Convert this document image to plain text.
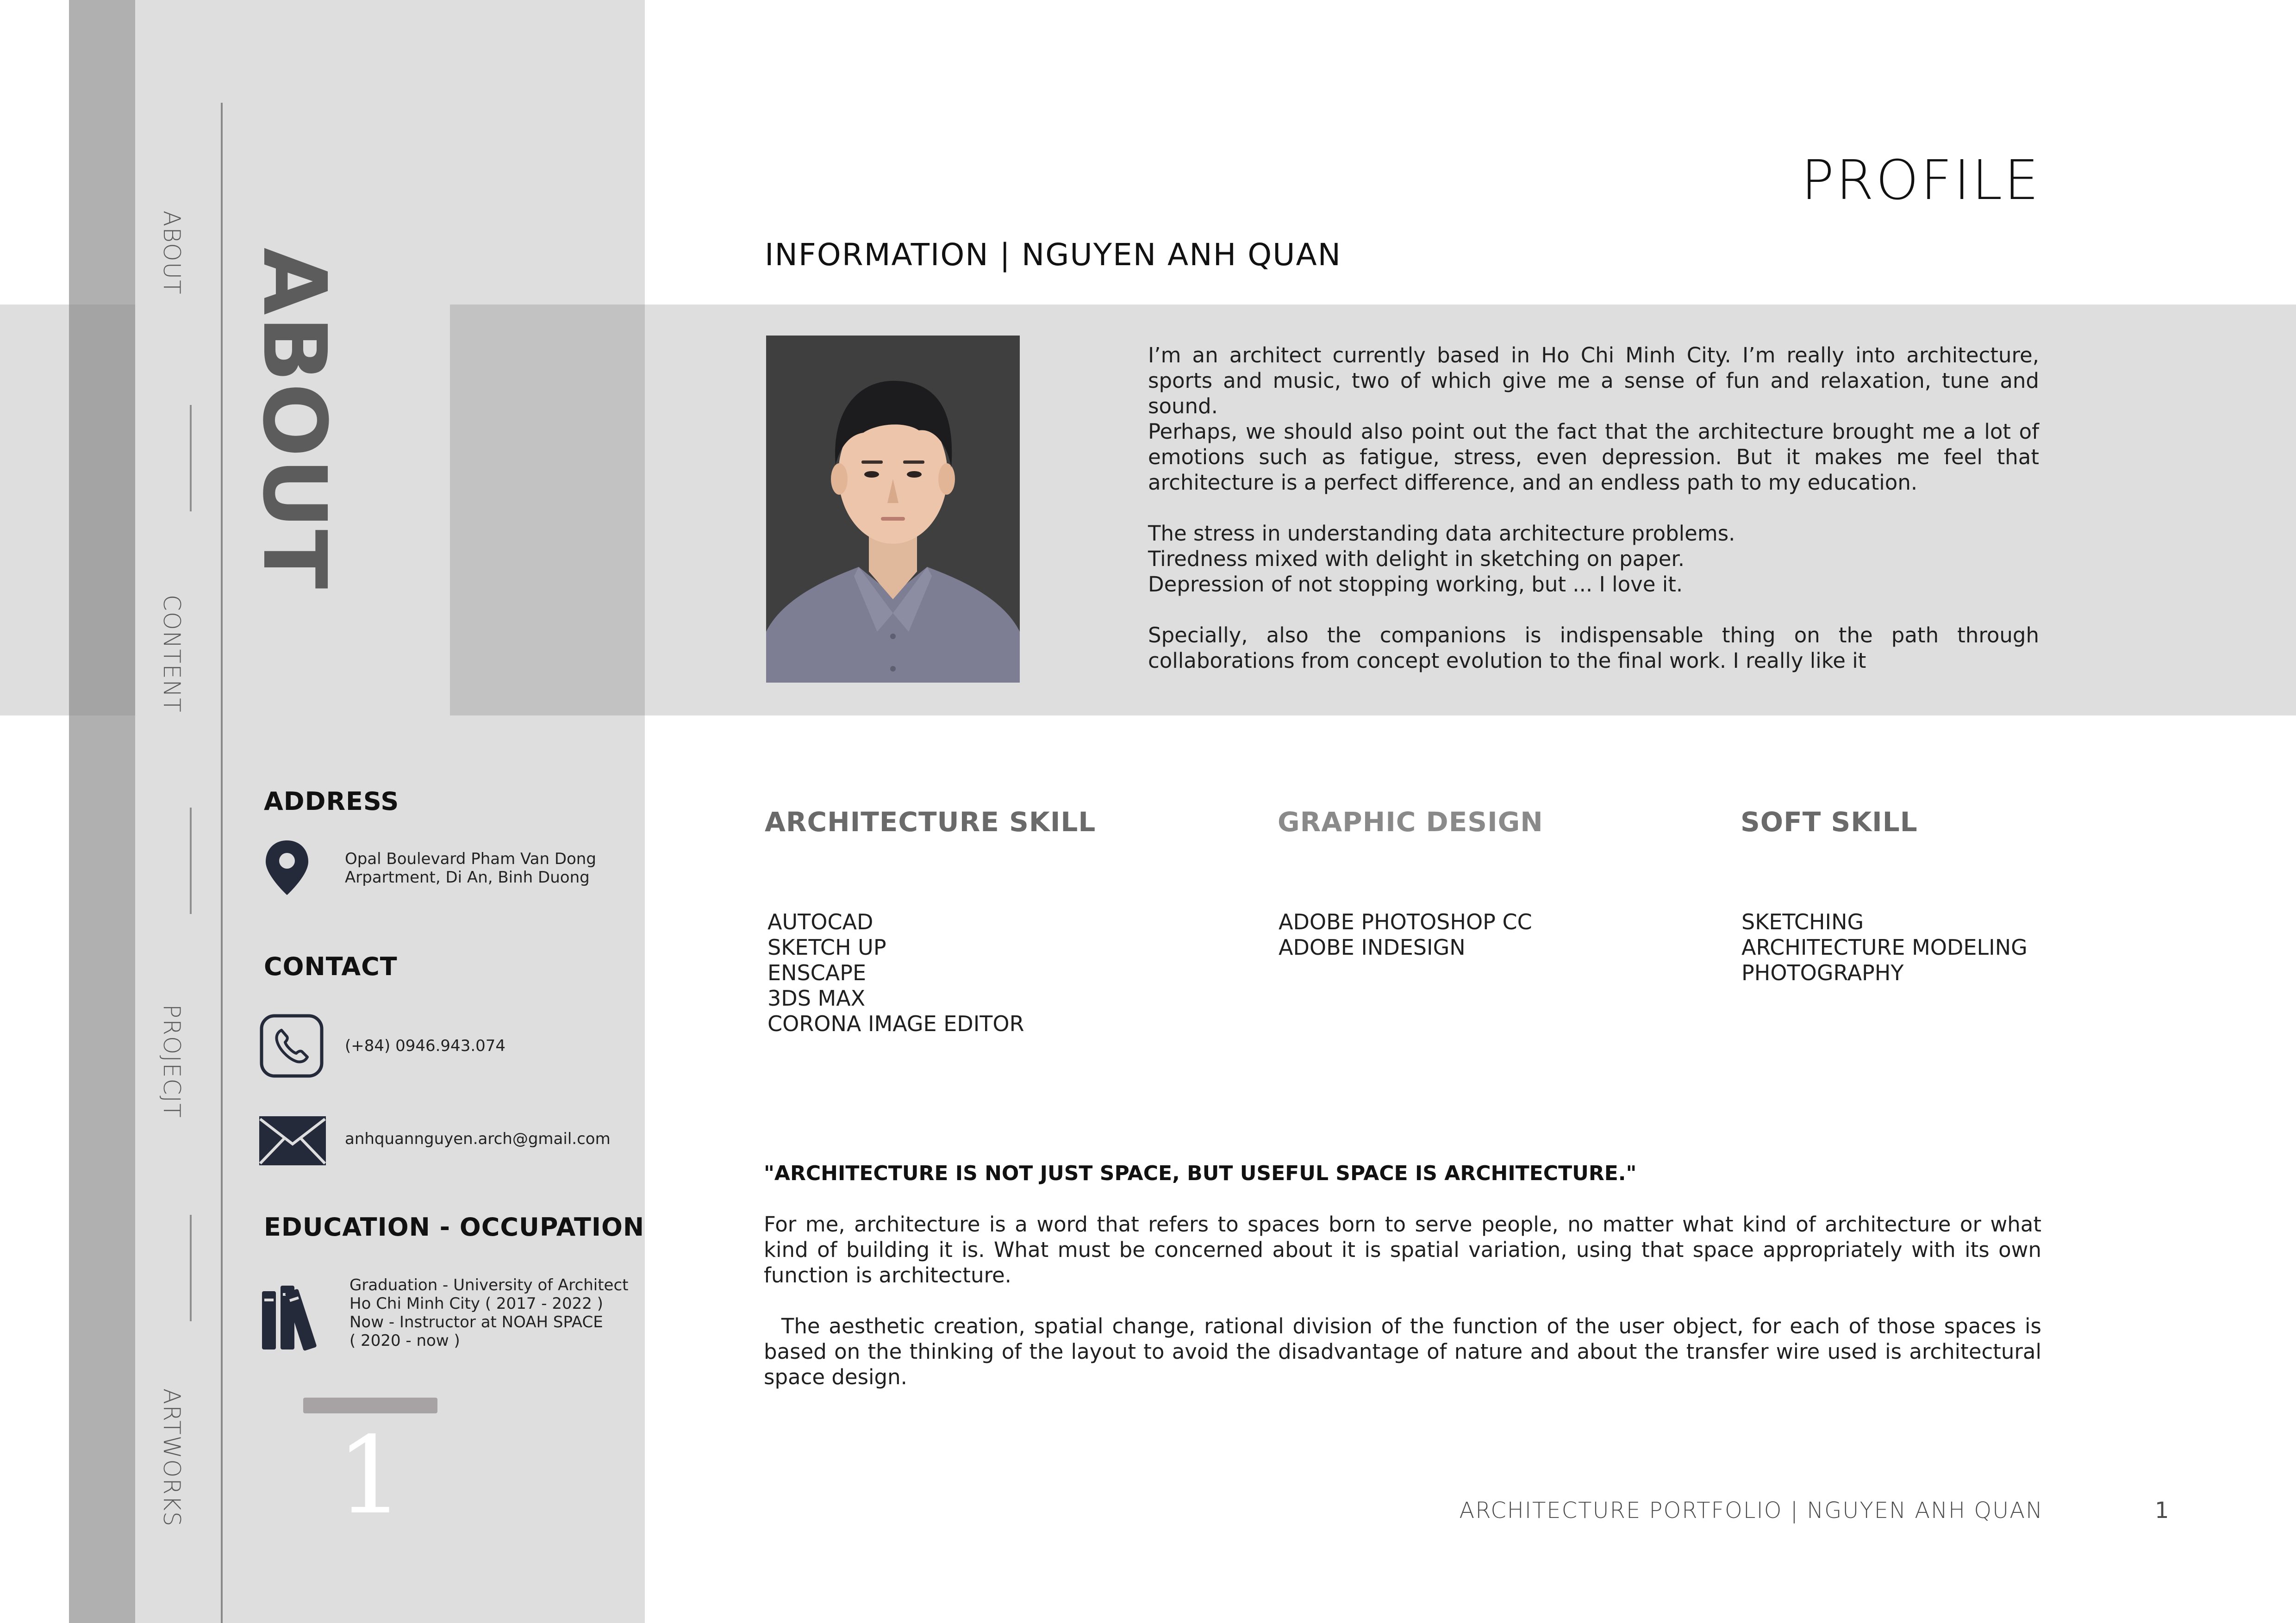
ABOUT
CONTENT
PROJECJT
ARTWORKS
ABOUT
ADDRESS
Opal Boulevard Pham Van Dong
Arpartment, Di An, Binh Duong
CONTACT
(+84) 0946.943.074
anhquannguyen.arch@gmail.com
EDUCATION - OCCUPATION
Graduation - University of Architect
Ho Chi Minh City ( 2017 - 2022 )
Now - Instructor at NOAH SPACE
( 2020 - now )
1
PROFILE
INFORMATION | NGUYEN ANH QUAN

I’m an architect currently based in Ho Chi Minh City. I’m really into architecture, sports and music, two of which give me a sense of fun and relaxation, tune and sound.

Perhaps, we should also point out the fact that the architecture brought me a lot of emotions such as fatigue, stress, even depression. But it makes me feel that architecture is a perfect difference, and an endless path to my education.

The stress in understanding data architecture problems.

Tiredness mixed with delight in sketching on paper.

Depression of not stopping working, but ... I love it.

Specially, also the companions is indispensable thing on the path through collaborations from concept evolution to the final work. I really like it

ARCHITECTURE SKILL
AUTOCAD
SKETCH UP
ENSCAPE
3DS MAX
CORONA IMAGE EDITOR
GRAPHIC DESIGN
ADOBE PHOTOSHOP CC
ADOBE INDESIGN
SOFT SKILL
SKETCHING
ARCHITECTURE MODELING
PHOTOGRAPHY
"ARCHITECTURE IS NOT JUST SPACE, BUT USEFUL SPACE IS ARCHITECTURE."

For me, architecture is a word that refers to spaces born to serve people, no matter what kind of architecture or what kind of building it is. What must be concerned about it is spatial variation, using that space appropriately with its own function is architecture.

The aesthetic creation, spatial change, rational division of the function of the user object, for each of those spaces is based on the thinking of the layout to avoid the disadvantage of nature and about the transfer wire used is architectural space design.

ARCHITECTURE PORTFOLIO | NGUYEN ANH QUAN	1
